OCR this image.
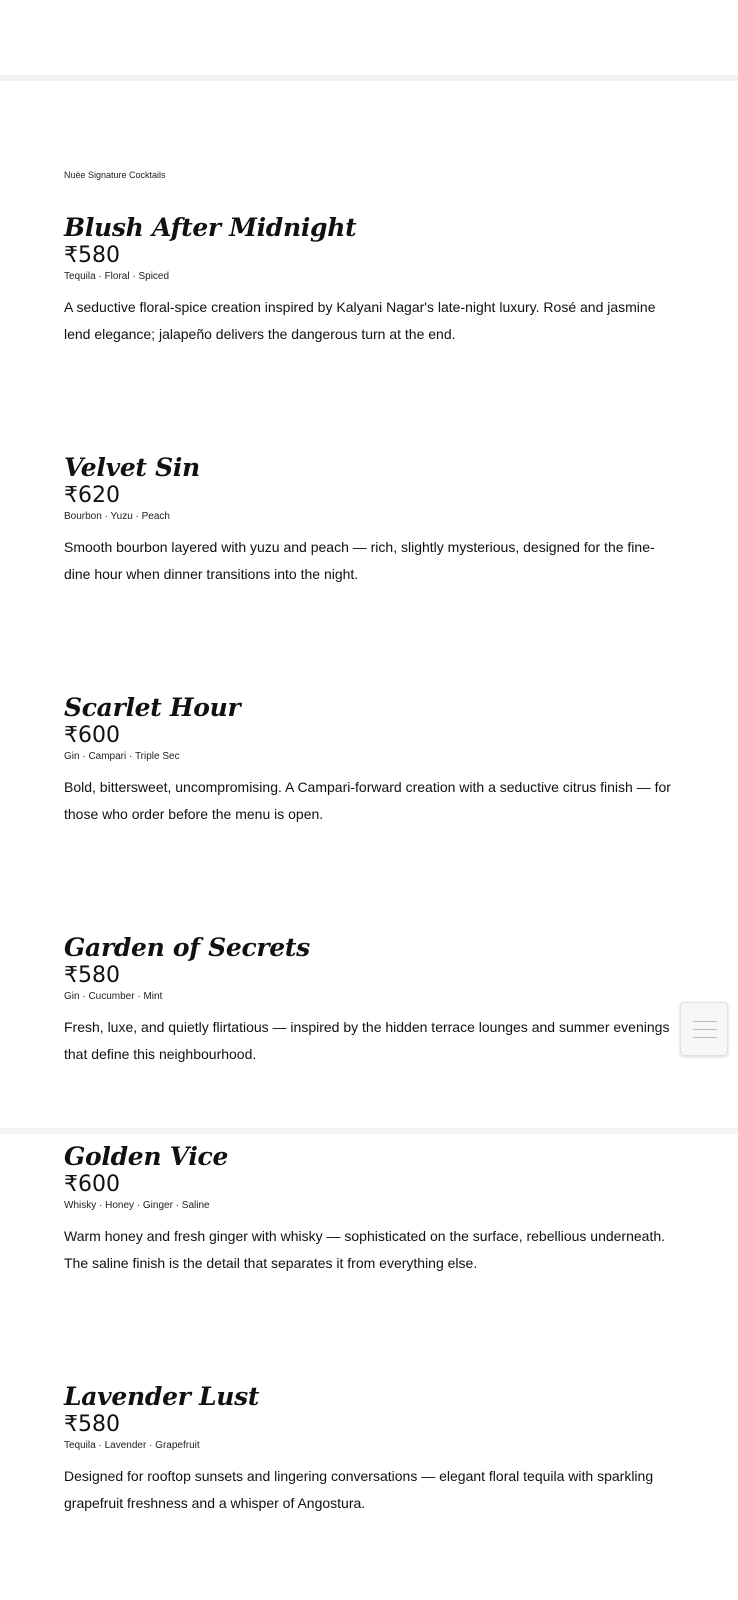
Nuèe Signature Cocktails
Blush After Midnight
₹580
Tequila · Floral · Spiced
A seductive floral-spice creation inspired by Kalyani Nagar's late-night luxury. Rosé and jasmine lend elegance; jalapeño delivers the dangerous turn at the end.
Velvet Sin
₹620
Bourbon · Yuzu · Peach
Smooth bourbon layered with yuzu and peach — rich, slightly mysterious, designed for the fine-dine hour when dinner transitions into the night.
Scarlet Hour
₹600
Gin · Campari · Triple Sec
Bold, bittersweet, uncompromising. A Campari-forward creation with a seductive citrus finish — for those who order before the menu is open.
Garden of Secrets
₹580
Gin · Cucumber · Mint
Fresh, luxe, and quietly flirtatious — inspired by the hidden terrace lounges and summer evenings that define this neighbourhood.
Golden Vice
₹600
Whisky · Honey · Ginger · Saline
Warm honey and fresh ginger with whisky — sophisticated on the surface, rebellious underneath. The saline finish is the detail that separates it from everything else.
Lavender Lust
₹580
Tequila · Lavender · Grapefruit
Designed for rooftop sunsets and lingering conversations — elegant floral tequila with sparkling grapefruit freshness and a whisper of Angostura.
